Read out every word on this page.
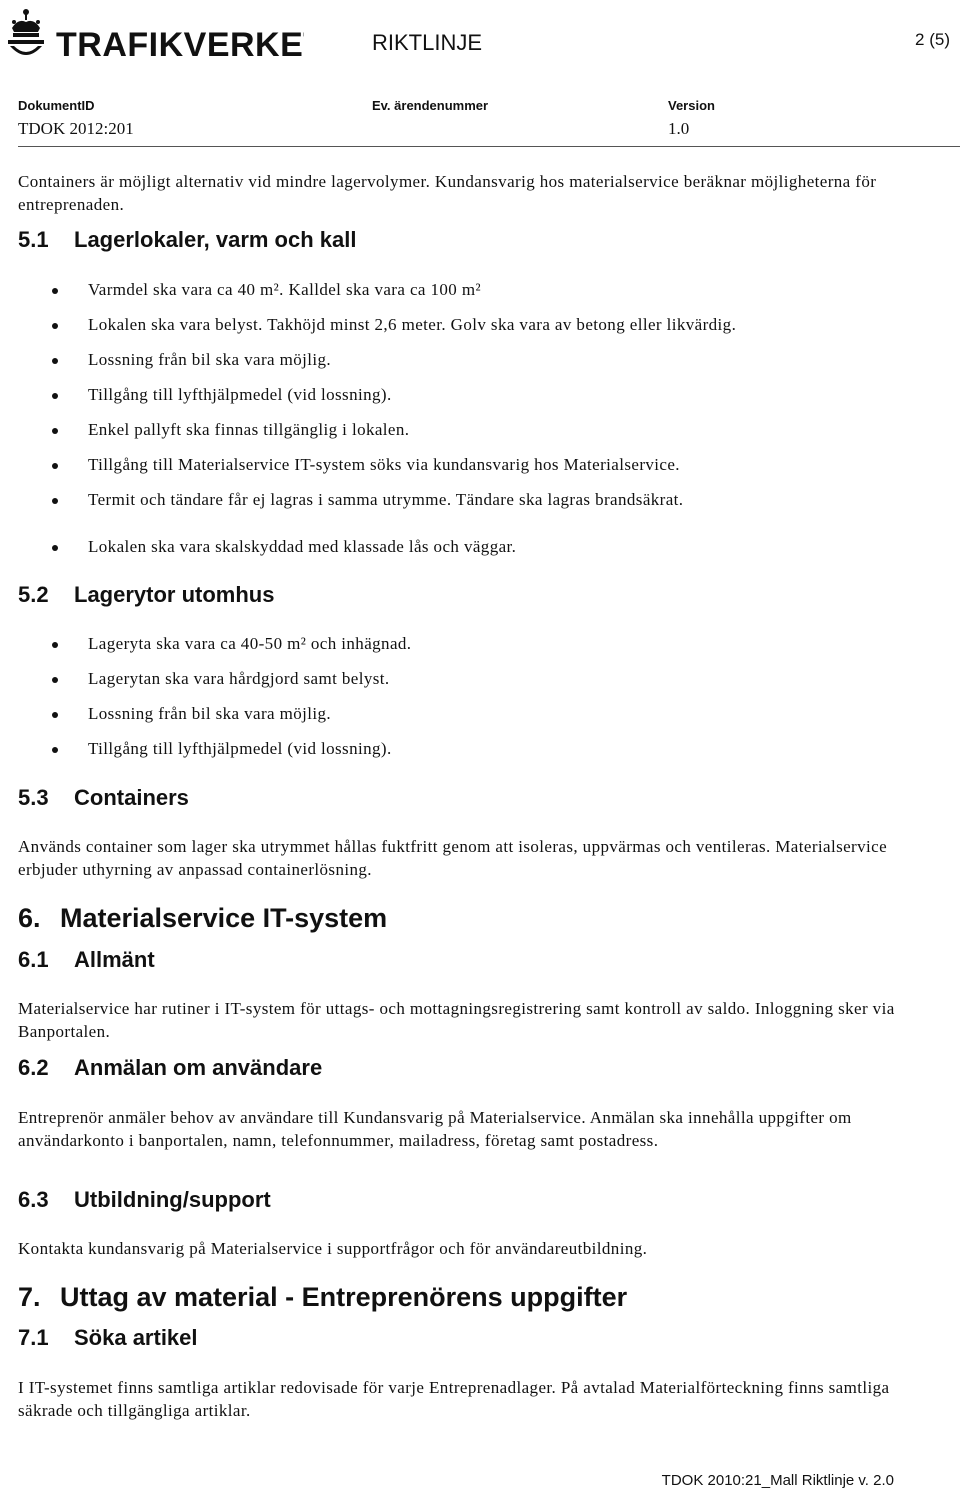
TRAFIKVERKET RIKTLINJE	2 (5)
DokumentID
TDOK 2012:201
Ev. ärendenummer	Version
1.0
Containers är möjligt alternativ vid mindre lagervolymer. Kundansvarig hos materialservice beräknar möjligheterna för entreprenaden.
5.1 Lagerlokaler, varm och kall
Varmdel ska vara ca 40 m². Kalldel ska vara ca 100 m²
Lokalen ska vara belyst. Takhöjd minst 2,6 meter. Golv ska vara av betong eller likvärdig.
Lossning från bil ska vara möjlig.
Tillgång till lyfthjälpmedel (vid lossning).
Enkel pallyft ska finnas tillgänglig i lokalen.
Tillgång till Materialservice IT-system söks via kundansvarig hos Materialservice.
Termit och tändare får ej lagras i samma utrymme. Tändare ska lagras brandsäkrat.
Lokalen ska vara skalskyddad med klassade lås och väggar.
5.2 Lagerytor utomhus
Lageryta ska vara ca 40-50 m² och inhägnad.
Lagerytan ska vara hårdgjord samt belyst.
Lossning från bil ska vara möjlig.
Tillgång till lyfthjälpmedel (vid lossning).
5.3 Containers
Används container som lager ska utrymmet hållas fuktfritt genom att isoleras, uppvärmas och ventileras. Materialservice erbjuder uthyrning av anpassad containerlösning.
6. Materialservice IT-system
6.1 Allmänt
Materialservice har rutiner i IT-system för uttags- och mottagningsregistrering samt kontroll av saldo. Inloggning sker via Banportalen.
6.2 Anmälan om användare
Entreprenör anmäler behov av användare till Kundansvarig på Materialservice. Anmälan ska innehålla uppgifter om användarkonto i banportalen, namn, telefonnummer, mailadress, företag samt postadress.
6.3 Utbildning/support
Kontakta kundansvarig på Materialservice i supportfrågor och för användareutbildning.
7. Uttag av material - Entreprenörens uppgifter
7.1 Söka artikel
I IT-systemet finns samtliga artiklar redovisade för varje Entreprenadlager. På avtalad Materialförteckning finns samtliga säkrade och tillgängliga artiklar.
TDOK 2010:21_Mall Riktlinje v. 2.0
